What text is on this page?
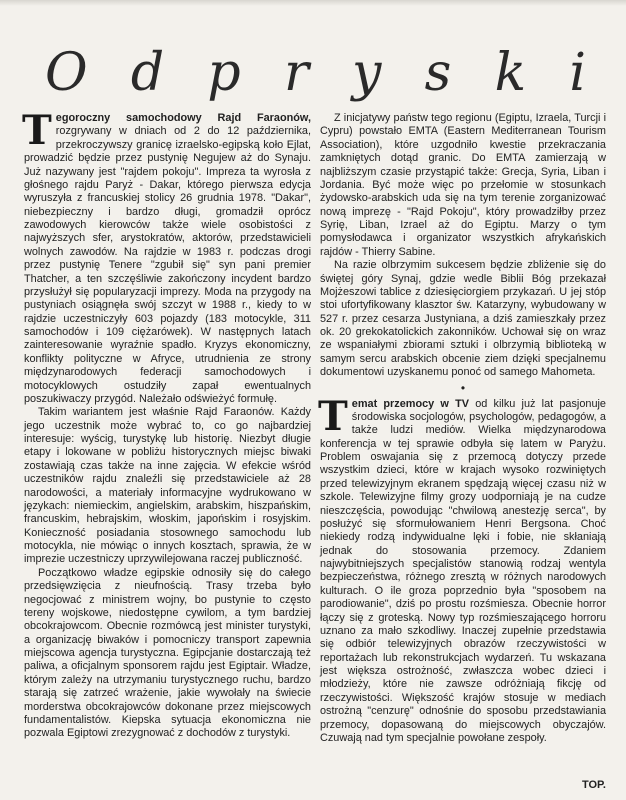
O d p r y s k i

Tegoroczny samochodowy Rajd Faraonów, rozgrywany w dniach od 2 do 12 października, przekroczywszy granicę izraelsko-egipską koło Ejlat, prowadzić będzie przez pustynię Negujew aż do Synaju. Już nazywany jest "rajdem pokoju". Impreza ta wyrosła z głośnego rajdu Paryż - Dakar, którego pierwsza edycja wyruszyła z francuskiej stolicy 26 grudnia 1978. "Dakar", niebezpieczny i bardzo długi, gromadził oprócz zawodowych kierowców także wiele osobistości z najwyższych sfer, arystokratów, aktorów, przedstawicieli wolnych zawodów. Na rajdzie w 1983 r. podczas drogi przez pustynię Tenere "zgubił się" syn pani premier Thatcher, a ten szczęśliwie zakończony incydent bardzo przysłużył się popularyzacji imprezy. Moda na przygody na pustyniach osiągnęła swój szczyt w 1988 r., kiedy to w rajdzie uczestniczyły 603 pojazdy (183 motocykle, 311 samochodów i 109 ciężarówek). W następnych latach zainteresowanie wyraźnie spadło. Kryzys ekonomiczny, konflikty polityczne w Afryce, utrudnienia ze strony międzynarodowych federacji samochodowych i motocyklowych ostudziły zapał ewentualnych poszukiwaczy przygód. Należało odświeżyć formułę.

Takim wariantem jest właśnie Rajd Faraonów. Każdy jego uczestnik może wybrać to, co go najbardziej interesuje: wyścig, turystykę lub historię. Niezbyt długie etapy i lokowane w pobliżu historycznych miejsc biwaki zostawiają czas także na inne zajęcia. W efekcie wśród uczestników rajdu znaleźli się przedstawiciele aż 28 narodowości, a materiały informacyjne wydrukowano w językach: niemieckim, angielskim, arabskim, hiszpańskim, francuskim, hebrajskim, włoskim, japońskim i rosyjskim. Konieczność posiadania stosownego samochodu lub motocykla, nie mówiąc o innych kosztach, sprawia, że w imprezie uczestniczy uprzywilejowana raczej publiczność.

Początkowo władze egipskie odnosiły się do całego przedsięwzięcia z nieufnością. Trasy trzeba było negocjować z ministrem wojny, bo pustynie to często tereny wojskowe, niedostępne cywilom, a tym bardziej obcokrajowcom. Obecnie rozmówcą jest minister turystyki, a organizację biwaków i pomocniczy transport zapewnia miejscowa agencja turystyczna. Egipcjanie dostarczają też paliwa, a oficjalnym sponsorem rajdu jest Egiptair. Władze, którym zależy na utrzymaniu turystycznego ruchu, bardzo starają się zatrzeć wrażenie, jakie wywołały na świecie morderstwa obcokrajowców dokonane przez miejscowych fundamentalistów. Kiepska sytuacja ekonomiczna nie pozwala Egiptowi zrezygnować z dochodów z turystyki.

Z inicjatywy państw tego regionu (Egiptu, Izraela, Turcji i Cypru) powstało EMTA (Eastern Mediterranean Tourism Association), które uzgodniło kwestie przekraczania zamkniętych dotąd granic. Do EMTA zamierzają w najbliższym czasie przystąpić także: Grecja, Syria, Liban i Jordania. Być może więc po przełomie w stosunkach żydowsko-arabskich uda się na tym terenie zorganizować nową imprezę - "Rajd Pokoju", który prowadziłby przez Syrię, Liban, Izrael aż do Egiptu. Marzy o tym pomysłodawca i organizator wszystkich afrykańskich rajdów - Thierry Sabine.

Na razie olbrzymim sukcesem będzie zbliżenie się do świętej góry Synaj, gdzie wedle Biblii Bóg przekazał Mojżeszowi tablice z dziesięciorgiem przykazań. U jej stóp stoi ufortyfikowany klasztor św. Katarzyny, wybudowany w 527 r. przez cesarza Justyniana, a dziś zamieszkały przez ok. 20 grekokatolickich zakonników. Uchował się on wraz ze wspaniałymi zbiorami sztuki i olbrzymią biblioteką w samym sercu arabskich obcenie ziem dzięki specjalnemu dokumentowi uzyskanemu ponoć od samego Mahometa.

•

Temat przemocy w TV od kilku już lat pasjonuje środowiska socjologów, psychologów, pedagogów, a także ludzi mediów. Wielka międzynarodowa konferencja w tej sprawie odbyła się latem w Paryżu. Problem oswajania się z przemocą dotyczy przede wszystkim dzieci, które w krajach wysoko rozwiniętych przed telewizyjnym ekranem spędzają więcej czasu niż w szkole. Telewizyjne filmy grozy uodporniają je na cudze nieszczęścia, powodując "chwilową anestezję serca", by posłużyć się sformułowaniem Henri Bergsona. Choć niekiedy rodzą indywidualne lęki i fobie, nie skłaniają jednak do stosowania przemocy. Zdaniem najwybitniejszych specjalistów stanowią rodzaj wentyla bezpieczeństwa, różnego zresztą w różnych narodowych kulturach. O ile groza poprzednio była "sposobem na parodiowanie", dziś po prostu rozśmiesza. Obecnie horror łączy się z groteską. Nowy typ rozśmieszającego horroru uznano za mało szkodliwy. Inaczej zupełnie przedstawia się odbiór telewizyjnych obrazów rzeczywistości w reportażach lub rekonstrukcjach wydarzeń. Tu wskazana jest większa ostrożność, zwłaszcza wobec dzieci i młodzieży, które nie zawsze odróżniają fikcję od rzeczywistości. Większość krajów stosuje w mediach ostrożną "cenzurę" odnośnie do sposobu przedstawiania przemocy, dopasowaną do miejscowych obyczajów. Czuwają nad tym specjalnie powołane zespoły.

TOP.
